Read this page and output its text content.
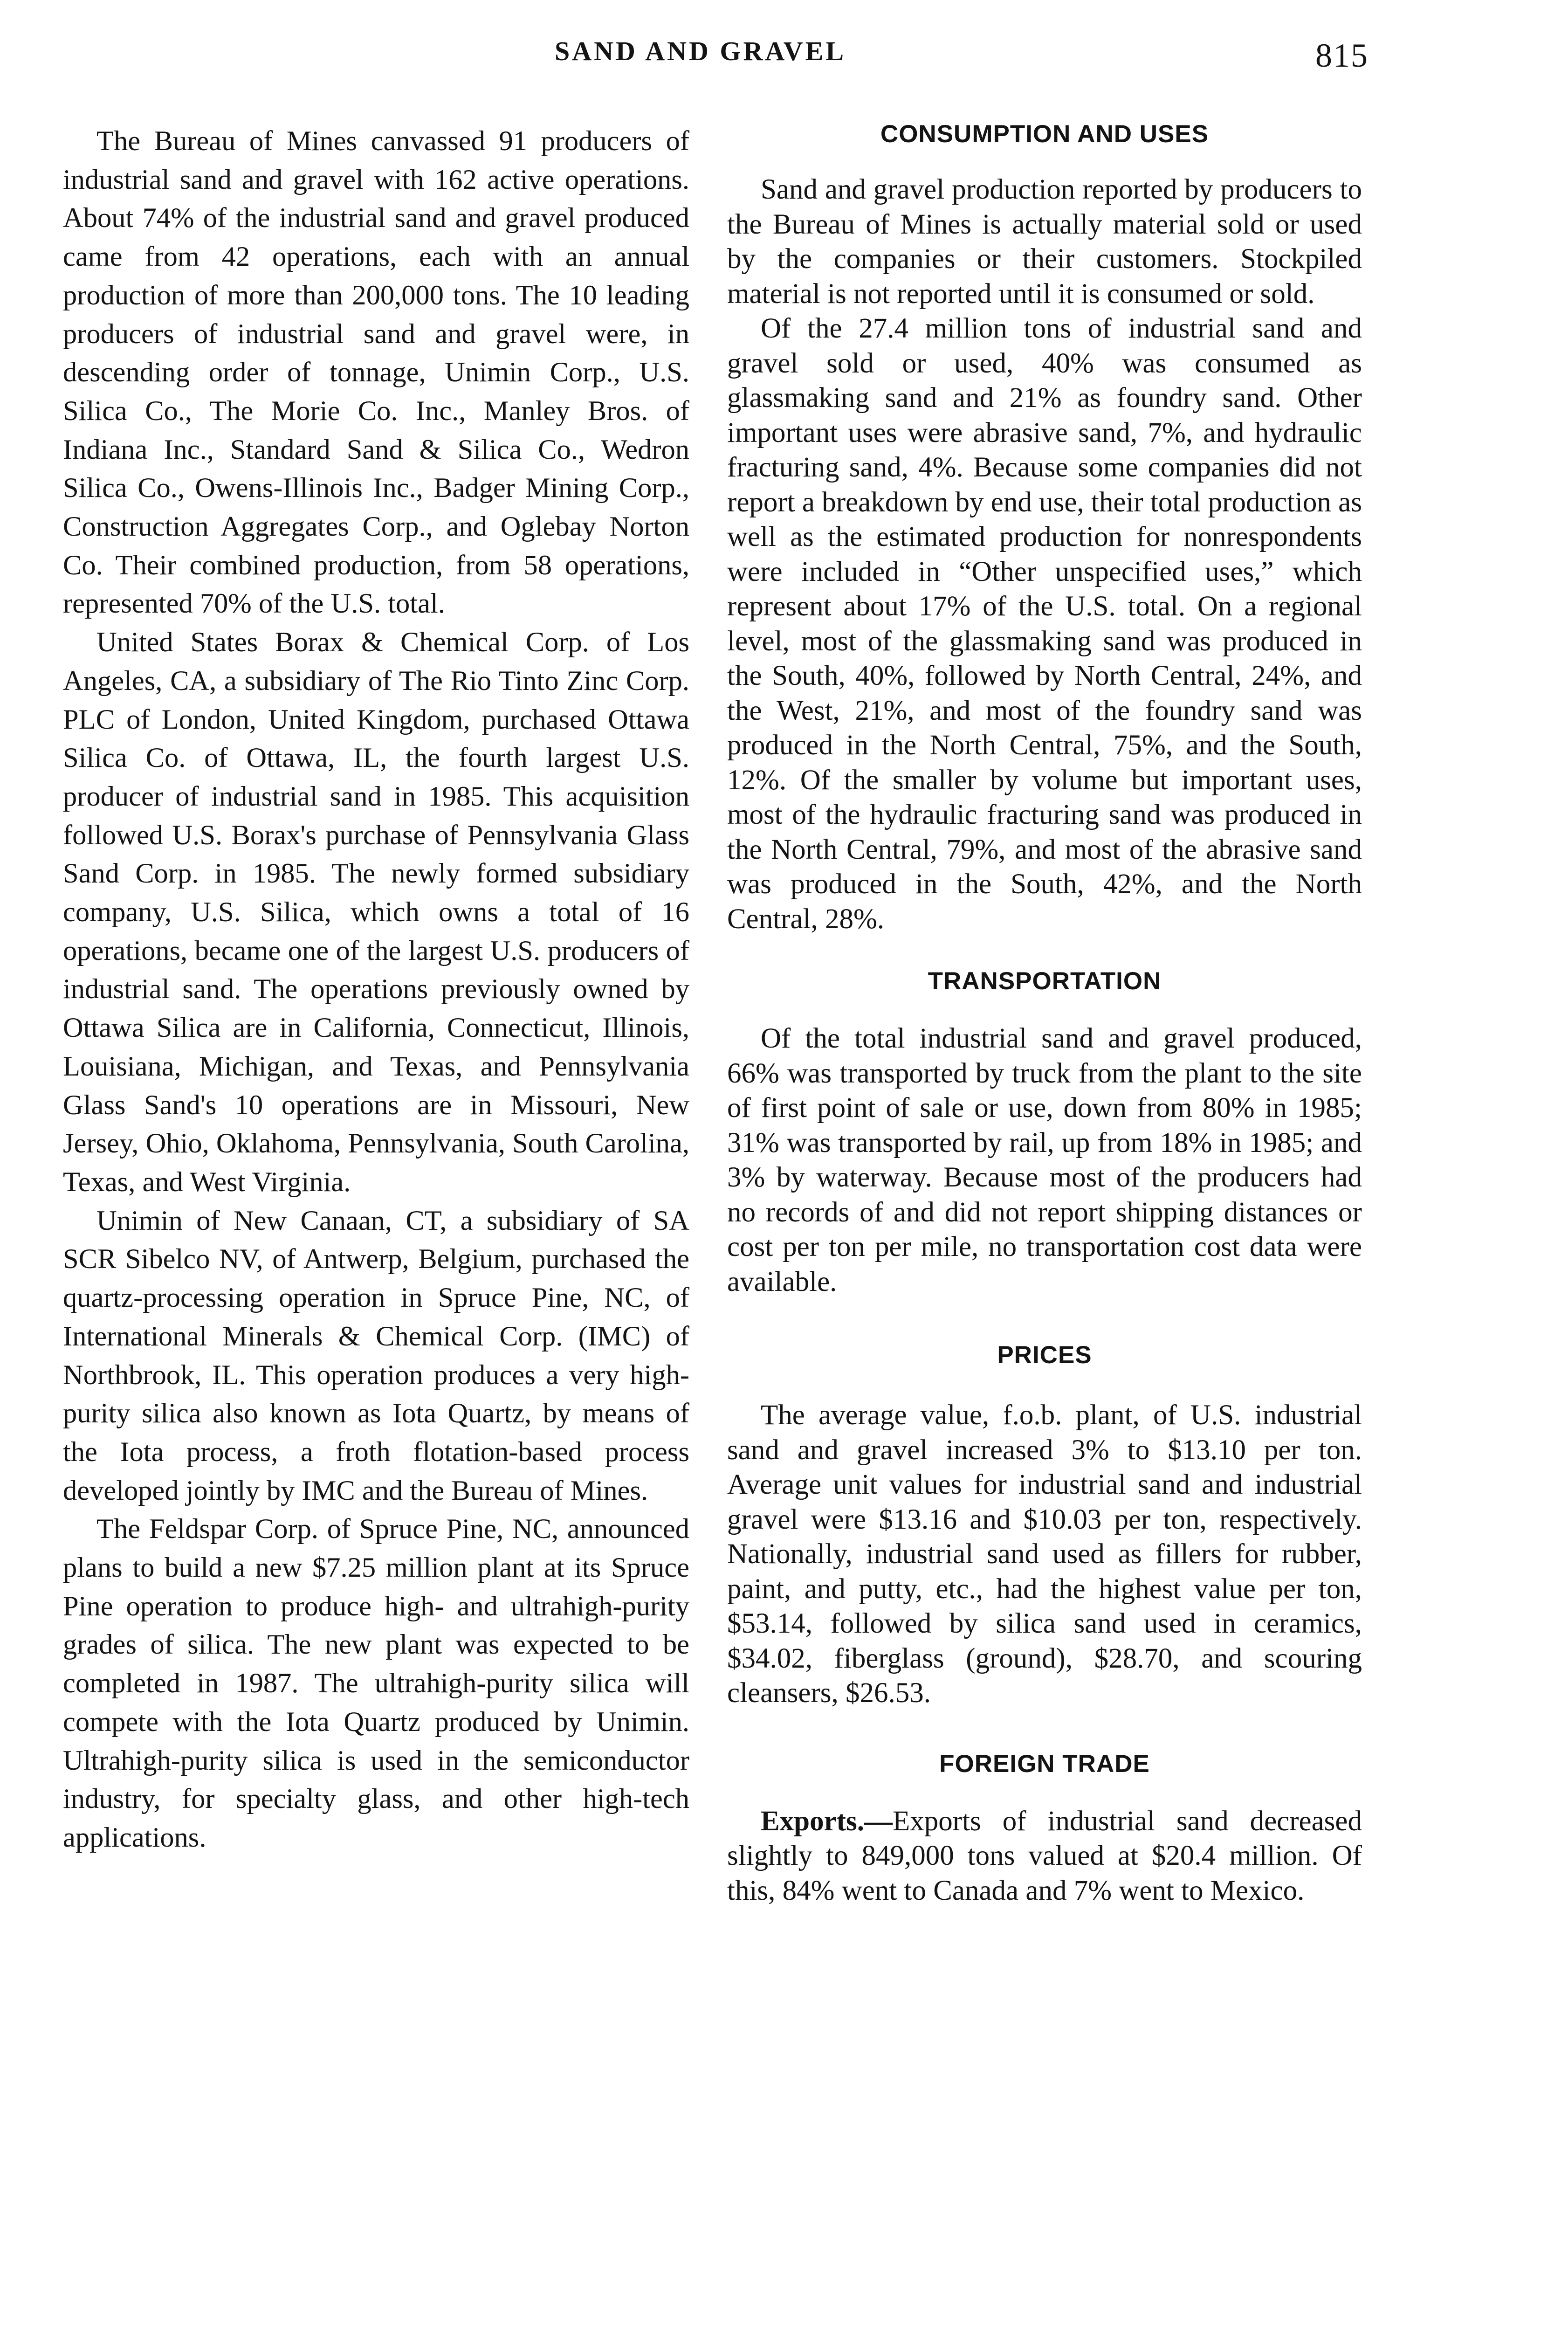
SAND AND GRAVEL	815

The Bureau of Mines canvassed 91 producers of industrial sand and gravel with 162 active operations. About 74% of the industrial sand and gravel produced came from 42 operations, each with an annual production of more than 200,000 tons. The 10 leading producers of industrial sand and gravel were, in descending order of tonnage, Unimin Corp., U.S. Silica Co., The Morie Co. Inc., Manley Bros. of Indiana Inc., Standard Sand & Silica Co., Wedron Silica Co., Owens-Illinois Inc., Badger Mining Corp., Construction Aggregates Corp., and Oglebay Norton Co. Their combined production, from 58 operations, represented 70% of the U.S. total.

United States Borax & Chemical Corp. of Los Angeles, CA, a subsidiary of The Rio Tinto Zinc Corp. PLC of London, United Kingdom, purchased Ottawa Silica Co. of Ottawa, IL, the fourth largest U.S. producer of industrial sand in 1985. This acquisition followed U.S. Borax's purchase of Pennsylvania Glass Sand Corp. in 1985. The newly formed subsidiary company, U.S. Silica, which owns a total of 16 operations, became one of the largest U.S. producers of industrial sand. The operations previously owned by Ottawa Silica are in California, Connecticut, Illinois, Louisiana, Michigan, and Texas, and Pennsylvania Glass Sand's 10 operations are in Missouri, New Jersey, Ohio, Oklahoma, Pennsylvania, South Carolina, Texas, and West Virginia.

Unimin of New Canaan, CT, a subsidiary of SA SCR Sibelco NV, of Antwerp, Belgium, purchased the quartz-processing operation in Spruce Pine, NC, of International Minerals & Chemical Corp. (IMC) of Northbrook, IL. This operation produces a very high-purity silica also known as Iota Quartz, by means of the Iota process, a froth flotation-based process developed jointly by IMC and the Bureau of Mines.

The Feldspar Corp. of Spruce Pine, NC, announced plans to build a new $7.25 million plant at its Spruce Pine operation to produce high- and ultrahigh-purity grades of silica. The new plant was expected to be completed in 1987. The ultrahigh-purity silica will compete with the Iota Quartz produced by Unimin. Ultrahigh-purity silica is used in the semiconductor industry, for specialty glass, and other high-tech applications.

CONSUMPTION AND USES

Sand and gravel production reported by producers to the Bureau of Mines is actually material sold or used by the companies or their customers. Stockpiled material is not reported until it is consumed or sold.

Of the 27.4 million tons of industrial sand and gravel sold or used, 40% was consumed as glassmaking sand and 21% as foundry sand. Other important uses were abrasive sand, 7%, and hydraulic fracturing sand, 4%. Because some companies did not report a breakdown by end use, their total production as well as the estimated production for nonrespondents were included in “Other unspecified uses,” which represent about 17% of the U.S. total. On a regional level, most of the glassmaking sand was produced in the South, 40%, followed by North Central, 24%, and the West, 21%, and most of the foundry sand was produced in the North Central, 75%, and the South, 12%. Of the smaller by volume but important uses, most of the hydraulic fracturing sand was produced in the North Central, 79%, and most of the abrasive sand was produced in the South, 42%, and the North Central, 28%.

TRANSPORTATION

Of the total industrial sand and gravel produced, 66% was transported by truck from the plant to the site of first point of sale or use, down from 80% in 1985; 31% was transported by rail, up from 18% in 1985; and 3% by waterway. Because most of the producers had no records of and did not report shipping distances or cost per ton per mile, no transportation cost data were available.

PRICES

The average value, f.o.b. plant, of U.S. industrial sand and gravel increased 3% to $13.10 per ton. Average unit values for industrial sand and industrial gravel were $13.16 and $10.03 per ton, respectively. Nationally, industrial sand used as fillers for rubber, paint, and putty, etc., had the highest value per ton, $53.14, followed by silica sand used in ceramics, $34.02, fiberglass (ground), $28.70, and scouring cleansers, $26.53.

FOREIGN TRADE

Exports.—Exports of industrial sand decreased slightly to 849,000 tons valued at $20.4 million. Of this, 84% went to Canada and 7% went to Mexico.
